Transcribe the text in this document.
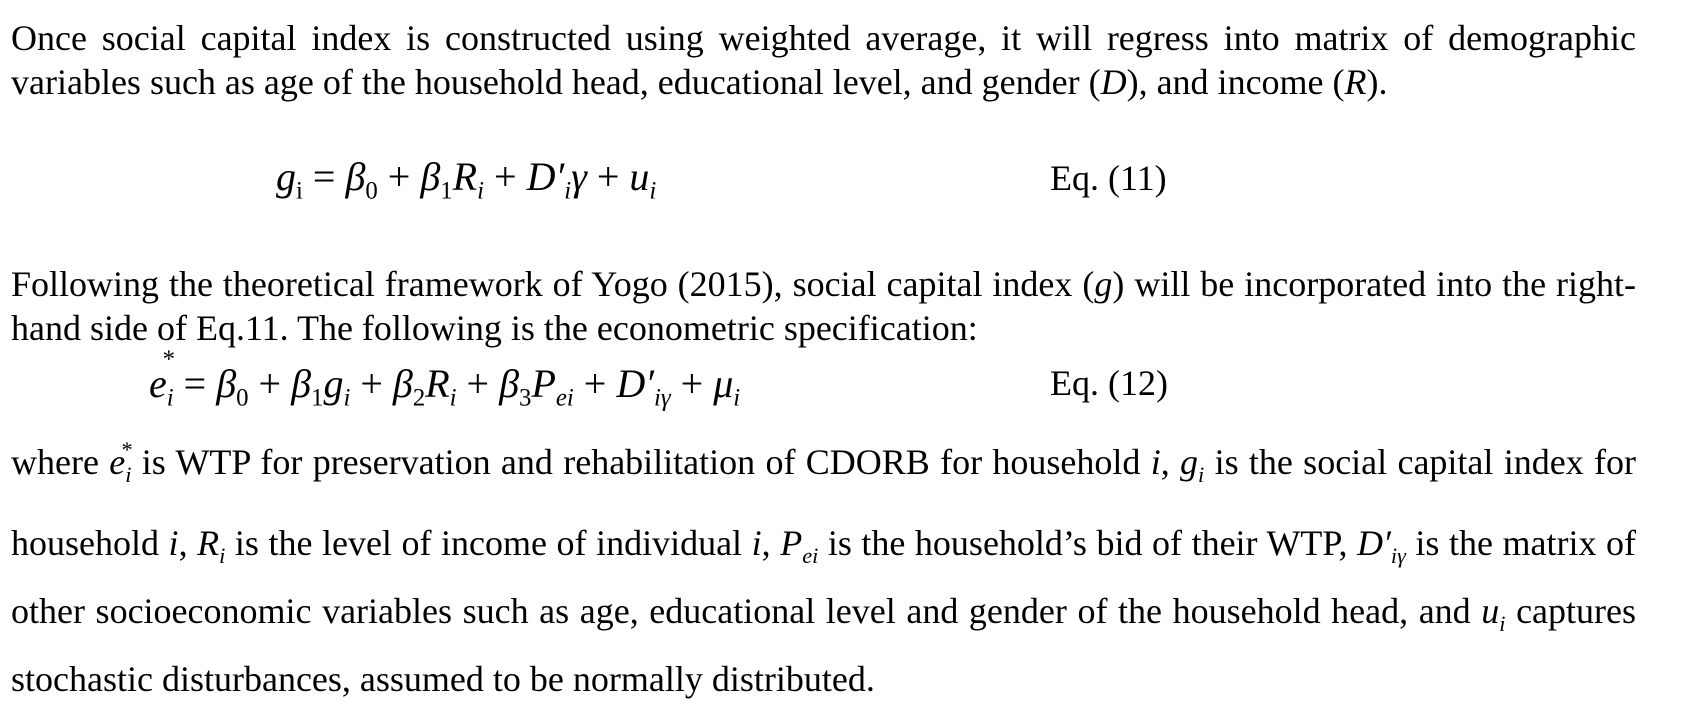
Once social capital index is constructed using weighted average, it will regress into matrix of demographic variables such as age of the household head, educational level, and gender (D), and income (R).

$g_i = \beta_0 + \beta_1R_i + D'_i\gamma + u_i$	Eq. (11)

Following the theoretical framework of Yogo (2015), social capital index (g) will be incorporated into the right-hand side of Eq.11. The following is the econometric specification:

e
*
$_i = \beta_0 + \beta_1g_i + \beta_2R_i + \beta_3P_{ei} + D'_{i\gamma} + \mu_i$	Eq. (12)

where e
*
$_i$ is WTP for preservation and rehabilitation of CDORB for household i, $g_i$ is the social capital index for household i, $R_i$ is the level of income of individual i, $P_{ei}$ is the household’s bid of their WTP, $D'_{i\gamma}$ is the matrix of other socioeconomic variables such as age, educational level and gender of the household head, and $u_i$ captures stochastic disturbances, assumed to be normally distributed.
